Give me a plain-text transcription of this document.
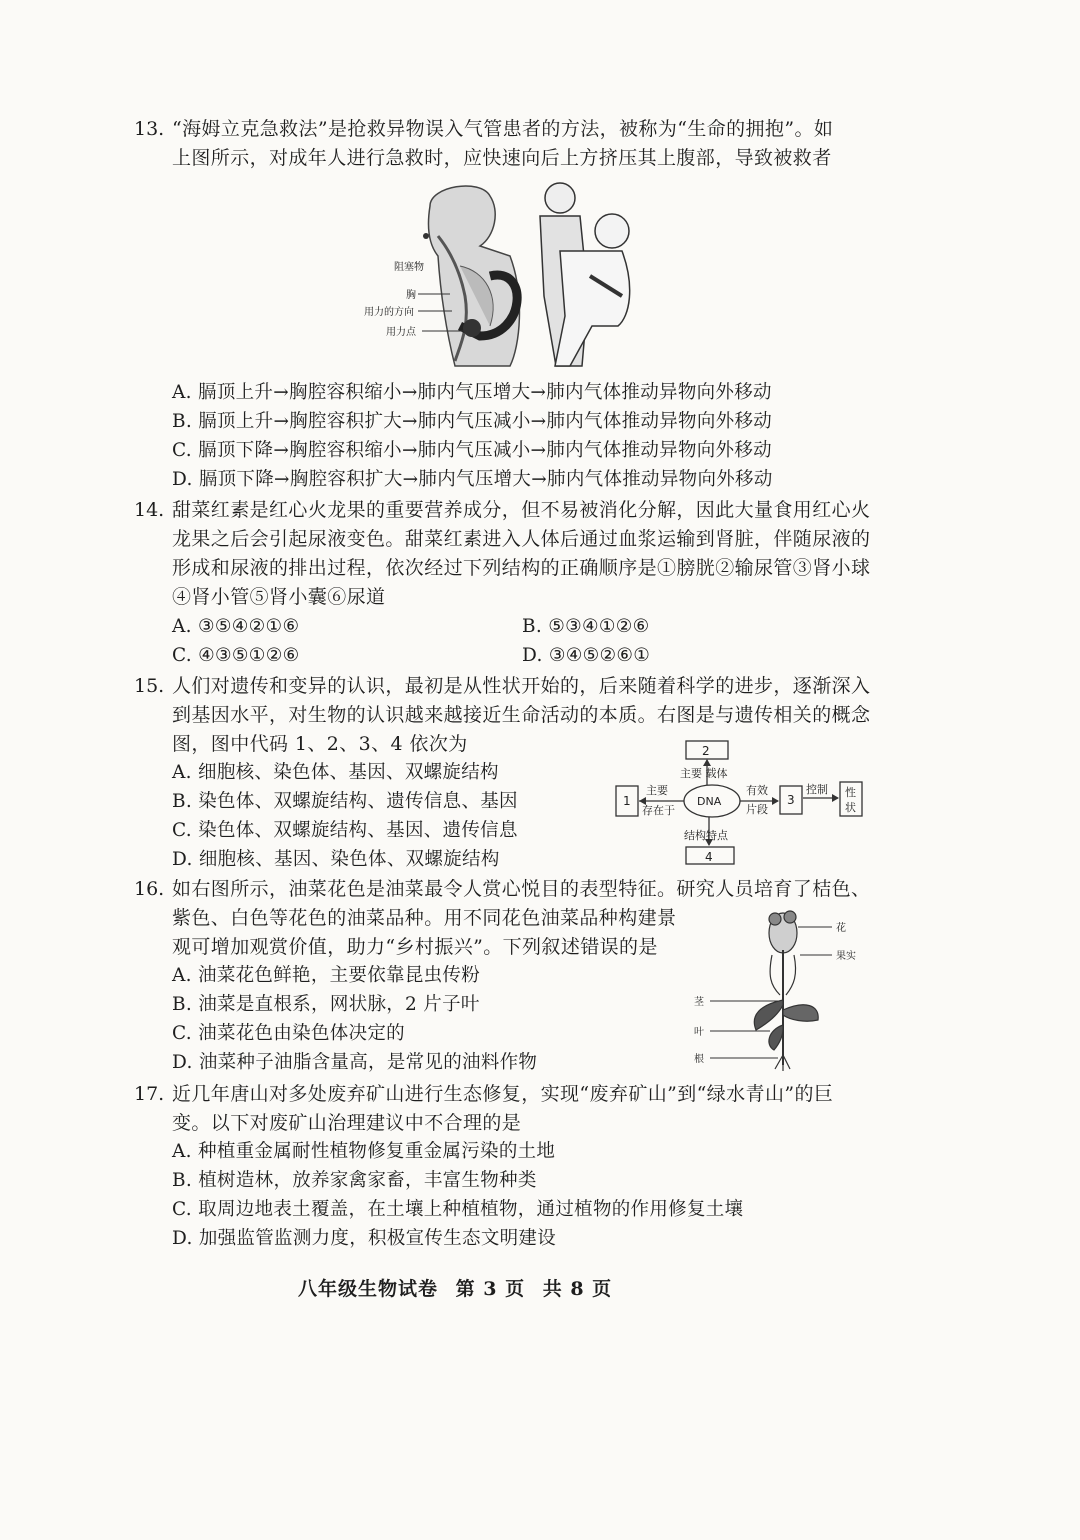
13. “海姆立克急救法”是抢救异物误入气管患者的方法，被称为“生命的拥抱”。如
上图所示，对成年人进行急救时，应快速向后上方挤压其上腹部，导致被救者
阻塞物
胸
用力的方向
用力点
A. 膈顶上升→胸腔容积缩小→肺内气压增大→肺内气体推动异物向外移动
B. 膈顶上升→胸腔容积扩大→肺内气压减小→肺内气体推动异物向外移动
C. 膈顶下降→胸腔容积缩小→肺内气压减小→肺内气体推动异物向外移动
D. 膈顶下降→胸腔容积扩大→肺内气压增大→肺内气体推动异物向外移动
14. 甜菜红素是红心火龙果的重要营养成分，但不易被消化分解，因此大量食用红心火
龙果之后会引起尿液变色。甜菜红素进入人体后通过血浆运输到肾脏，伴随尿液的
形成和尿液的排出过程，依次经过下列结构的正确顺序是①膀胱②输尿管③肾小球
④肾小管⑤肾小囊⑥尿道
A. ③⑤④②①⑥	B. ⑤③④①②⑥
C. ④③⑤①②⑥	D. ③④⑤②⑥①
15. 人们对遗传和变异的认识，最初是从性状开始的，后来随着科学的进步，逐渐深入
到基因水平，对生物的认识越来越接近生命活动的本质。右图是与遗传相关的概念
图，图中代码 1、2、3、4 依次为
A. 细胞核、染色体、基因、双螺旋结构
B. 染色体、双螺旋结构、遗传信息、基因
C. 染色体、双螺旋结构、基因、遗传信息
D. 细胞核、基因、染色体、双螺旋结构
2
1	DNA	3
4
主要 载体
主要
存在于
有效
片段
控制 性
状
结构特点
16. 如右图所示，油菜花色是油菜最令人赏心悦目的表型特征。研究人员培育了桔色、
紫色、白色等花色的油菜品种。用不同花色油菜品种构建景
观可增加观赏价值，助力“乡村振兴”。下列叙述错误的是
A. 油菜花色鲜艳，主要依靠昆虫传粉
B. 油菜是直根系，网状脉，2 片子叶
C. 油菜花色由染色体决定的
D. 油菜种子油脂含量高，是常见的油料作物
花
果实
茎
叶
根
17. 近几年唐山对多处废弃矿山进行生态修复，实现“废弃矿山”到“绿水青山”的巨
变。以下对废矿山治理建议中不合理的是
A. 种植重金属耐性植物修复重金属污染的土地
B. 植树造林，放养家禽家畜，丰富生物种类
C. 取周边地表土覆盖，在土壤上种植植物，通过植物的作用修复土壤
D. 加强监管监测力度，积极宣传生态文明建设
八年级生物试卷 第 3 页 共 8 页
